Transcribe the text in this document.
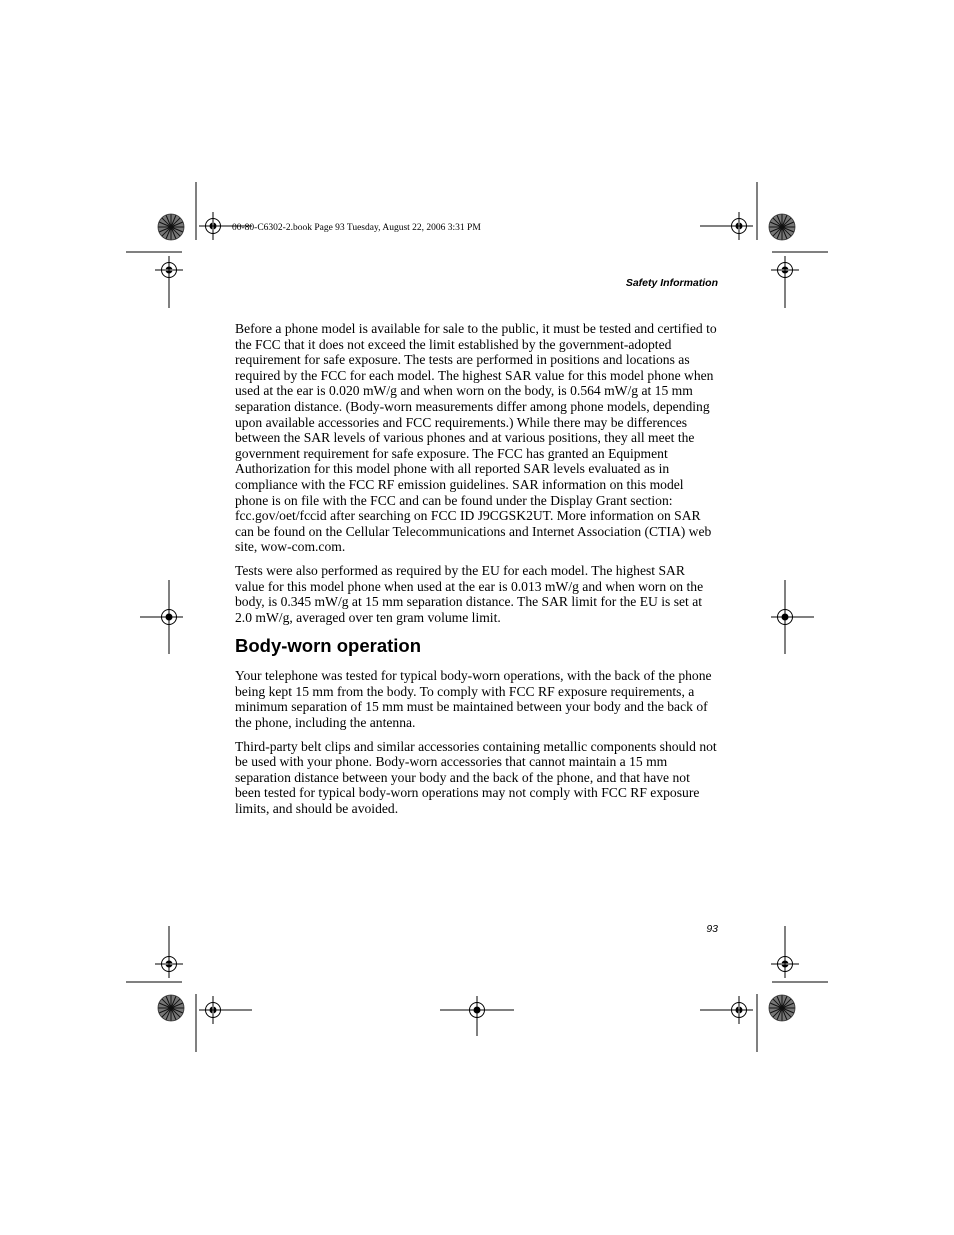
00-80-C6302-2.book Page 93 Tuesday, August 22, 2006 3:31 PM
Safety Information

Before a phone model is available for sale to the public, it must be tested and certified to the FCC that it does not exceed the limit established by the government-adopted requirement for safe exposure. The tests are performed in positions and locations as required by the FCC for each model. The highest SAR value for this model phone when used at the ear is 0.020 mW/g and when worn on the body, is 0.564 mW/g at 15 mm separation distance. (Body-worn measurements differ among phone models, depending upon available accessories and FCC requirements.) While there may be differences between the SAR levels of various phones and at various positions, they all meet the government requirement for safe exposure. The FCC has granted an Equipment Authorization for this model phone with all reported SAR levels evaluated as in compliance with the FCC RF emission guidelines. SAR information on this model phone is on file with the FCC and can be found under the Display Grant section: fcc.gov/oet/fccid after searching on FCC ID J9CGSK2UT. More information on SAR can be found on the Cellular Telecommunications and Internet Association (CTIA) web site, wow-com.com.

Tests were also performed as required by the EU for each model. The highest SAR value for this model phone when used at the ear is 0.013 mW/g and when worn on the body, is 0.345 mW/g at 15 mm separation distance. The SAR limit for the EU is set at 2.0 mW/g, averaged over ten gram volume limit.

Body-worn operation

Your telephone was tested for typical body-worn operations, with the back of the phone being kept 15 mm from the body. To comply with FCC RF exposure requirements, a minimum separation of 15 mm must be maintained between your body and the back of the phone, including the antenna.

Third-party belt clips and similar accessories containing metallic components should not be used with your phone. Body-worn accessories that cannot maintain a 15 mm separation distance between your body and the back of the phone, and that have not been tested for typical body-worn operations may not comply with FCC RF exposure limits, and should be avoided.

93
